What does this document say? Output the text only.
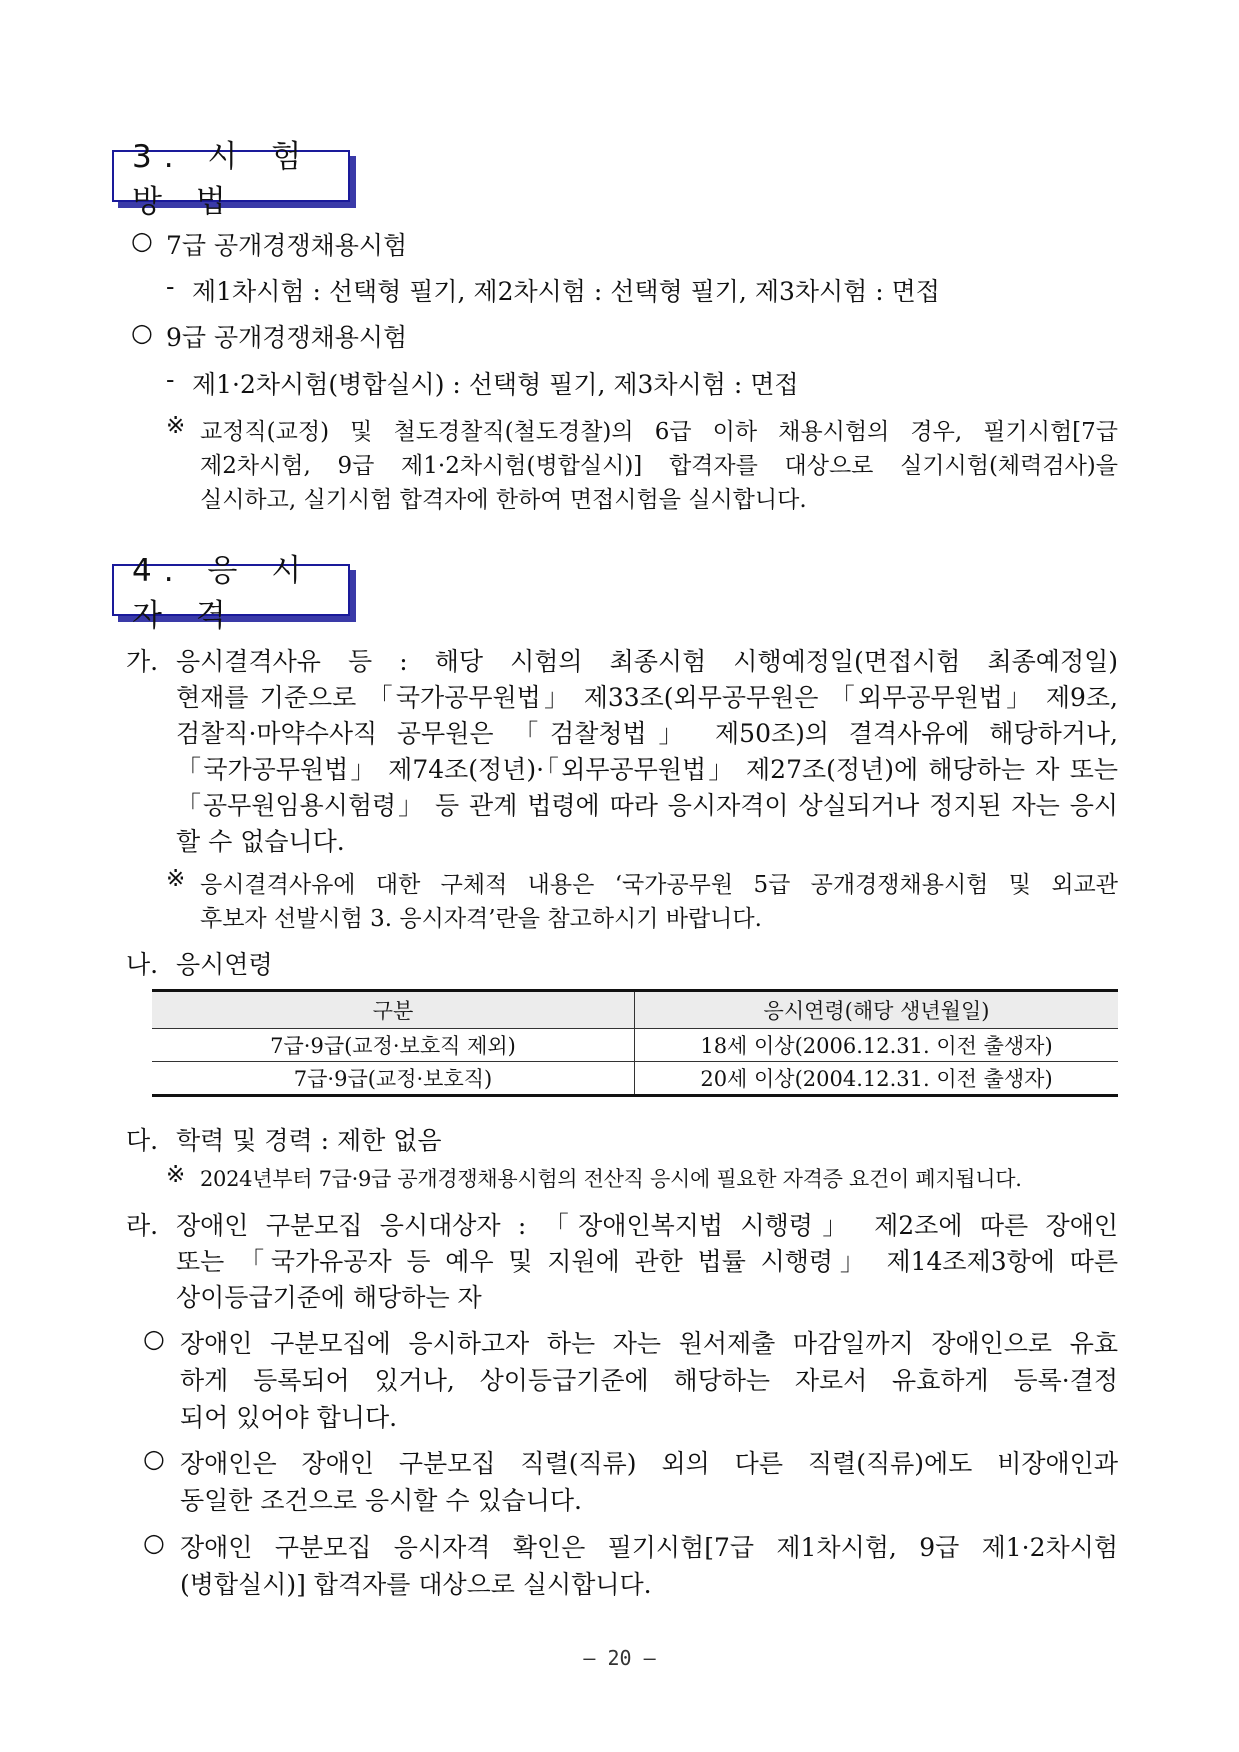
3. 시 험 방 법
○ 7급 공개경쟁채용시험
- 제1차시험 : 선택형 필기, 제2차시험 : 선택형 필기, 제3차시험 : 면접
○ 9급 공개경쟁채용시험
- 제1·2차시험(병합실시) : 선택형 필기, 제3차시험 : 면접
※ 교정직(교정) 및 철도경찰직(철도경찰)의 6급 이하 채용시험의 경우, 필기시험[7급
제2차시험, 9급 제1·2차시험(병합실시)] 합격자를 대상으로 실기시험(체력검사)을
실시하고, 실기시험 합격자에 한하여 면접시험을 실시합니다.
4. 응 시 자 격
가. 응시결격사유 등 : 해당 시험의 최종시험 시행예정일(면접시험 최종예정일)
현재를 기준으로 「국가공무원법」 제33조(외무공무원은 「외무공무원법」 제9조,
검찰직·마약수사직 공무원은 「검찰청법」 제50조)의 결격사유에 해당하거나,
「국가공무원법」 제74조(정년)·「외무공무원법」 제27조(정년)에 해당하는 자 또는
「공무원임용시험령」 등 관계 법령에 따라 응시자격이 상실되거나 정지된 자는 응시
할 수 없습니다.
※ 응시결격사유에 대한 구체적 내용은 ‘국가공무원 5급 공개경쟁채용시험 및 외교관
후보자 선발시험 3. 응시자격’란을 참고하시기 바랍니다.
나. 응시연령
구분	응시연령(해당 생년월일)
7급·9급(교정·보호직 제외)	18세 이상(2006.12.31. 이전 출생자)
7급·9급(교정·보호직)	20세 이상(2004.12.31. 이전 출생자)
다. 학력 및 경력 : 제한 없음
※ 2024년부터 7급·9급 공개경쟁채용시험의 전산직 응시에 필요한 자격증 요건이 폐지됩니다.
라. 장애인 구분모집 응시대상자 : 「장애인복지법 시행령」 제2조에 따른 장애인
또는 「국가유공자 등 예우 및 지원에 관한 법률 시행령」 제14조제3항에 따른
상이등급기준에 해당하는 자
○ 장애인 구분모집에 응시하고자 하는 자는 원서제출 마감일까지 장애인으로 유효
하게 등록되어 있거나, 상이등급기준에 해당하는 자로서 유효하게 등록·결정
되어 있어야 합니다.
○ 장애인은 장애인 구분모집 직렬(직류) 외의 다른 직렬(직류)에도 비장애인과
동일한 조건으로 응시할 수 있습니다.
○ 장애인 구분모집 응시자격 확인은 필기시험[7급 제1차시험, 9급 제1·2차시험
(병합실시)] 합격자를 대상으로 실시합니다.
– 20 –
